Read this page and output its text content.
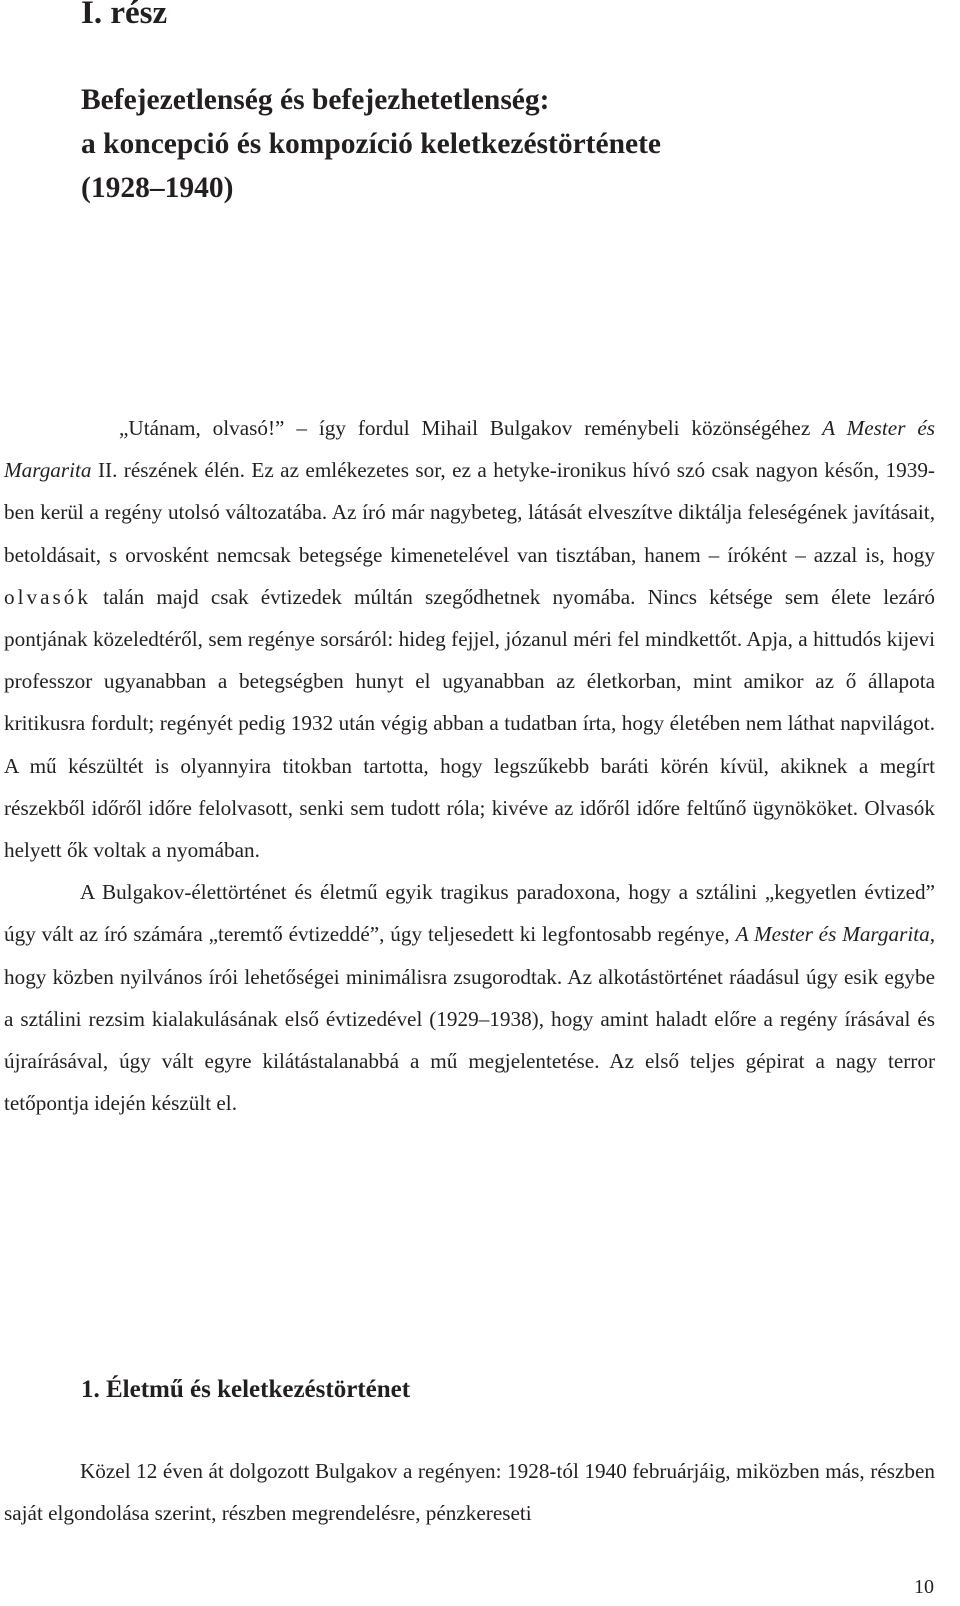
I. rész
Befejezetlenség és befejezhetetlenség:
a koncepció és kompozíció keletkezéstörténete
(1928–1940)

„Utánam, olvasó!” – így fordul Mihail Bulgakov reménybeli közönségéhez A Mester és Margarita II. részének élén. Ez az emlékezetes sor, ez a hetyke-ironikus hívó szó csak nagyon későn, 1939-ben kerül a regény utolsó változatába. Az író már nagybeteg, látását elveszítve diktálja feleségének javításait, betoldásait, s orvosként nemcsak betegsége kimenetelével van tisztában, hanem – íróként – azzal is, hogy olvasók talán majd csak évtizedek múltán szegődhetnek nyomába. Nincs kétsége sem élete lezáró pontjának közeledtéről, sem regénye sorsáról: hideg fejjel, józanul méri fel mindkettőt. Apja, a hittudós kijevi professzor ugyanabban a betegségben hunyt el ugyanabban az életkorban, mint amikor az ő állapota kritikusra fordult; regényét pedig 1932 után végig abban a tudatban írta, hogy életében nem láthat napvilágot. A mű készültét is olyannyira titokban tartotta, hogy legszűkebb baráti körén kívül, akiknek a megírt részekből időről időre felolvasott, senki sem tudott róla; kivéve az időről időre feltűnő ügynököket. Olvasók helyett ők voltak a nyomában.

A Bulgakov-élettörténet és életmű egyik tragikus paradoxona, hogy a sztálini „kegyetlen évtized” úgy vált az író számára „teremtő évtizeddé”, úgy teljesedett ki legfontosabb regénye, A Mester és Margarita, hogy közben nyilvános írói lehetőségei minimálisra zsugorodtak. Az alkotástörténet ráadásul úgy esik egybe a sztálini rezsim kialakulásának első évtizedével (1929–1938), hogy amint haladt előre a regény írásával és újraírásával, úgy vált egyre kilátástalanabbá a mű megjelentetése. Az első teljes gépirat a nagy terror tetőpontja idején készült el.

1. Életmű és keletkezéstörténet

Közel 12 éven át dolgozott Bulgakov a regényen: 1928-tól 1940 februárjáig, miközben más, részben saját elgondolása szerint, részben megrendelésre, pénzkereseti

10
